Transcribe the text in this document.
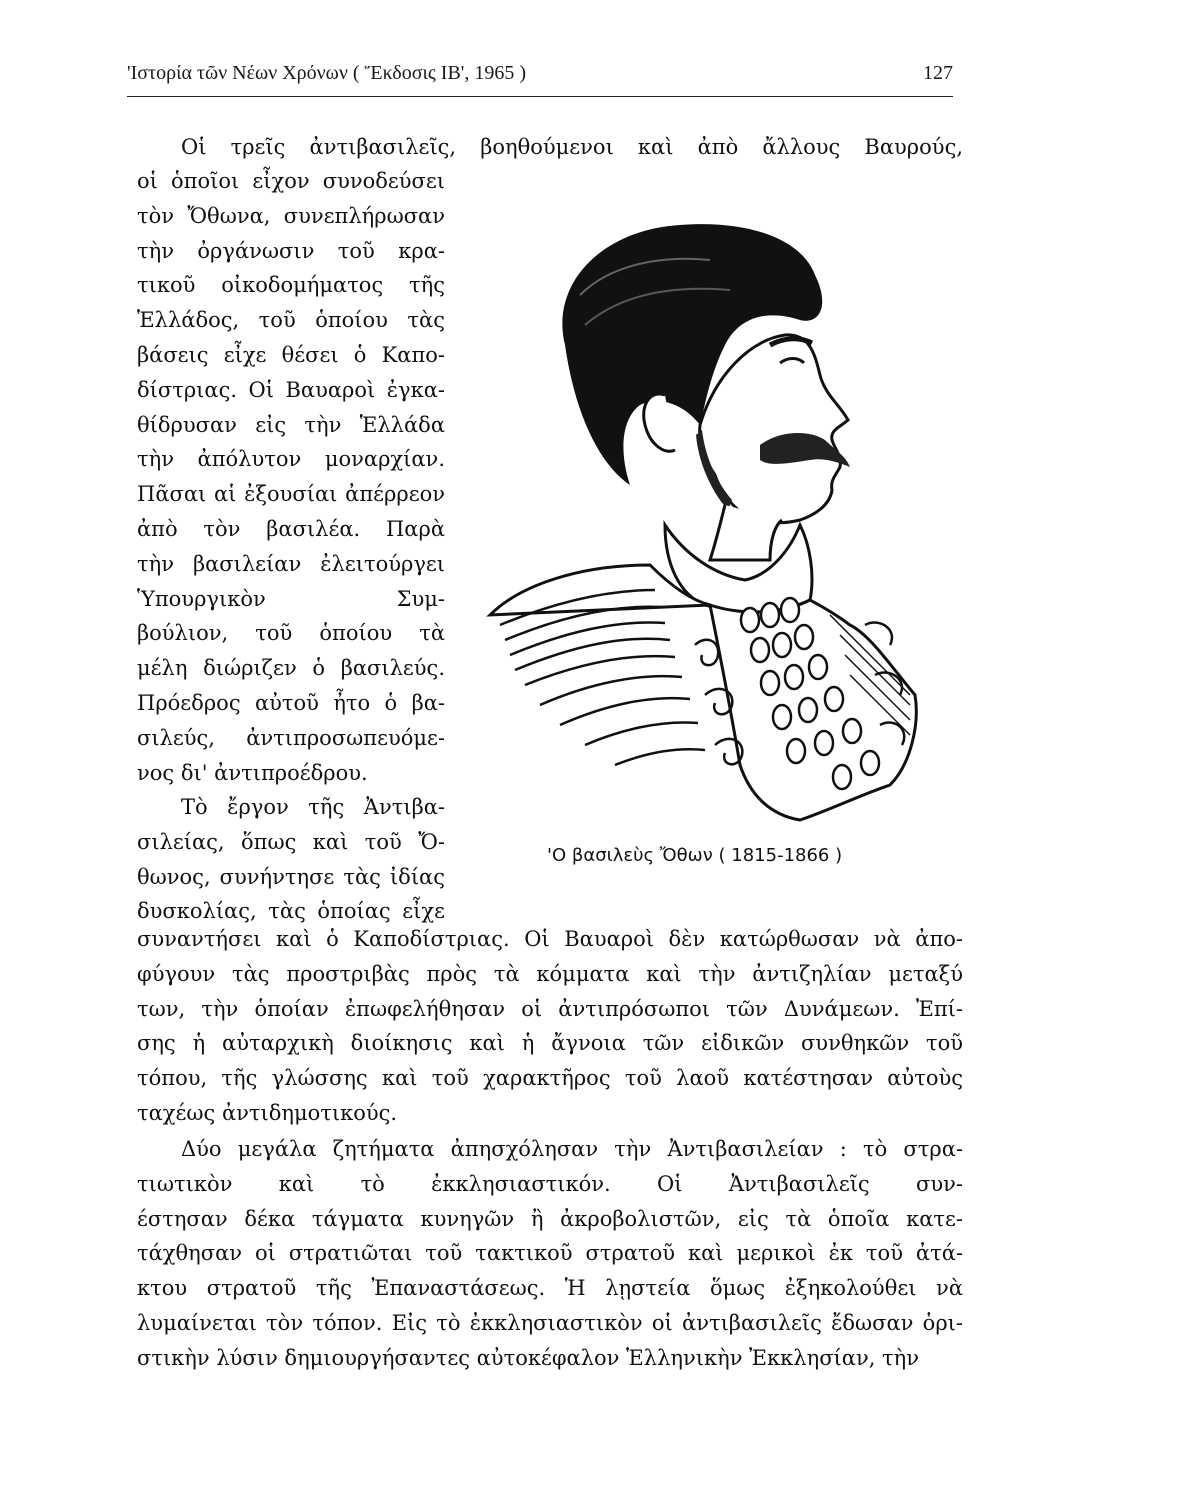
'Ιστορία τῶν Νέων Χρόνων ( Ἔκδοσις ΙΒ', 1965 )	127
Οἱ τρεῖς ἀντιβασιλεῖς, βοηθούμενοι καὶ ἀπὸ ἄλλους Βαυρούς,
οἱ ὁποῖοι εἶχον συνοδεύσει
τὸν Ὄθωνα, συνεπλήρωσαν
τὴν ὀργάνωσιν τοῦ κρα-
τικοῦ οἰκοδομήματος τῆς
Ἑλλάδος, τοῦ ὁποίου τὰς
βάσεις εἶχε θέσει ὁ Καπο-
δίστριας. Οἱ Βαυαροὶ ἐγκα-
θίδρυσαν εἰς τὴν Ἑλλάδα
τὴν ἀπόλυτον μοναρχίαν.
Πᾶσαι αἱ ἐξουσίαι ἀπέρρεον
ἀπὸ τὸν βασιλέα. Παρὰ
τὴν βασιλείαν ἐλειτούργει
Ὑπουργικὸν Συμ-
βούλιον, τοῦ ὁποίου τὰ
μέλη διώριζεν ὁ βασιλεύς.
Πρόεδρος αὐτοῦ ἦτο ὁ βα-
σιλεύς, ἀντιπροσωπευόμε-
νος δι' ἀντιπροέδρου.
Τὸ ἔργον τῆς Ἀντιβα-
σιλείας, ὅπως καὶ τοῦ Ὄ-
θωνος, συνήντησε τὰς ἰδίας
δυσκολίας, τὰς ὁποίας εἶχε
'Ο βασιλεὺς Ὄθων ( 1815-1866 )
συναντήσει καὶ ὁ Καποδίστριας. Οἱ Βαυαροὶ δὲν κατώρθωσαν νὰ ἀπο-
φύγουν τὰς προστριβὰς πρὸς τὰ κόμματα καὶ τὴν ἀντιζηλίαν μεταξύ
των, τὴν ὁποίαν ἐπωφελήθησαν οἱ ἀντιπρόσωποι τῶν Δυνάμεων. Ἐπί-
σης ἡ αὐταρχικὴ διοίκησις καὶ ἡ ἄγνοια τῶν εἰδικῶν συνθηκῶν τοῦ
τόπου, τῆς γλώσσης καὶ τοῦ χαρακτῆρος τοῦ λαοῦ κατέστησαν αὐτοὺς
ταχέως ἀντιδημοτικούς.
Δύο μεγάλα ζητήματα ἀπησχόλησαν τὴν Ἀντιβασιλείαν : τὸ στρα-
τιωτικὸν καὶ τὸ ἐκκλησιαστικόν. Οἱ Ἀντιβασιλεῖς συν-
έστησαν δέκα τάγματα κυνηγῶν ἢ ἀκροβολιστῶν, εἰς τὰ ὁποῖα κατε-
τάχθησαν οἱ στρατιῶται τοῦ τακτικοῦ στρατοῦ καὶ μερικοὶ ἐκ τοῦ ἀτά-
κτου στρατοῦ τῆς Ἐπαναστάσεως. Ἡ λῃστεία ὅμως ἐξηκολούθει νὰ
λυμαίνεται τὸν τόπον. Εἰς τὸ ἐκκλησιαστικὸν οἱ ἀντιβασιλεῖς ἔδωσαν ὁρι-
στικὴν λύσιν δημιουργήσαντες αὐτοκέφαλον Ἑλληνικὴν Ἐκκλησίαν, τὴν
